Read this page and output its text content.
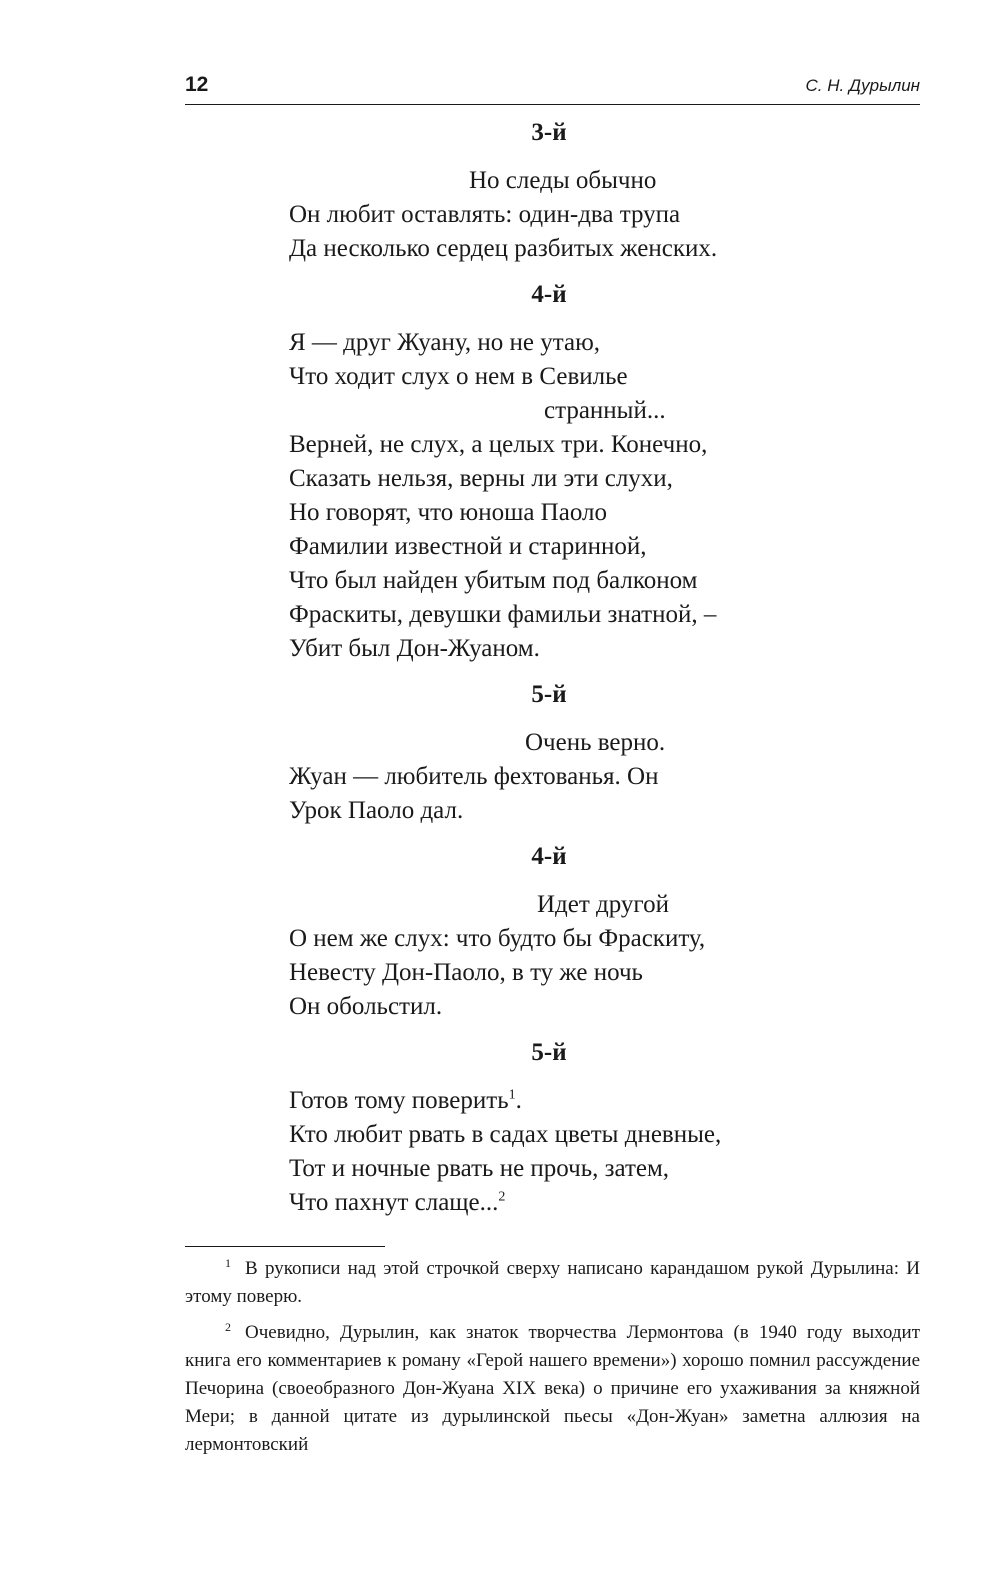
12	С. Н. Дурылин
3-й
Но следы обычно
Он любит оставлять: один-два трупа
Да несколько сердец разбитых женских.
4-й
Я — друг Жуану, но не утаю,
Что ходит слух о нем в Севилье
странный...
Верней, не слух, а целых три. Конечно,
Сказать нельзя, верны ли эти слухи,
Но говорят, что юноша Паоло
Фамилии известной и старинной,
Что был найден убитым под балконом
Фраскиты, девушки фамильи знатной, –
Убит был Дон-Жуаном.
5-й
Очень верно.
Жуан — любитель фехтованья. Он
Урок Паоло дал.
4-й
Идет другой
О нем же слух: что будто бы Фраскиту,
Невесту Дон-Паоло, в ту же ночь
Он обольстил.
5-й
Готов тому поверить$^1$.
Кто любит рвать в садах цветы дневные,
Тот и ночные рвать не прочь, затем,
Что пахнут слаще...$^2$

$^1$ В рукописи над этой строчкой сверху написано карандашом рукой Дурылина: И этому поверю.

$^2$ Очевидно, Дурылин, как знаток творчества Лермонтова (в 1940 году выходит книга его комментариев к роману «Герой нашего времени») хорошо помнил рассуждение Печорина (своеобразного Дон-Жуана XIX века) о причине его ухаживания за княжной Мери; в данной цитате из дурылинской пьесы «Дон-Жуан» заметна аллюзия на лермонтовский
